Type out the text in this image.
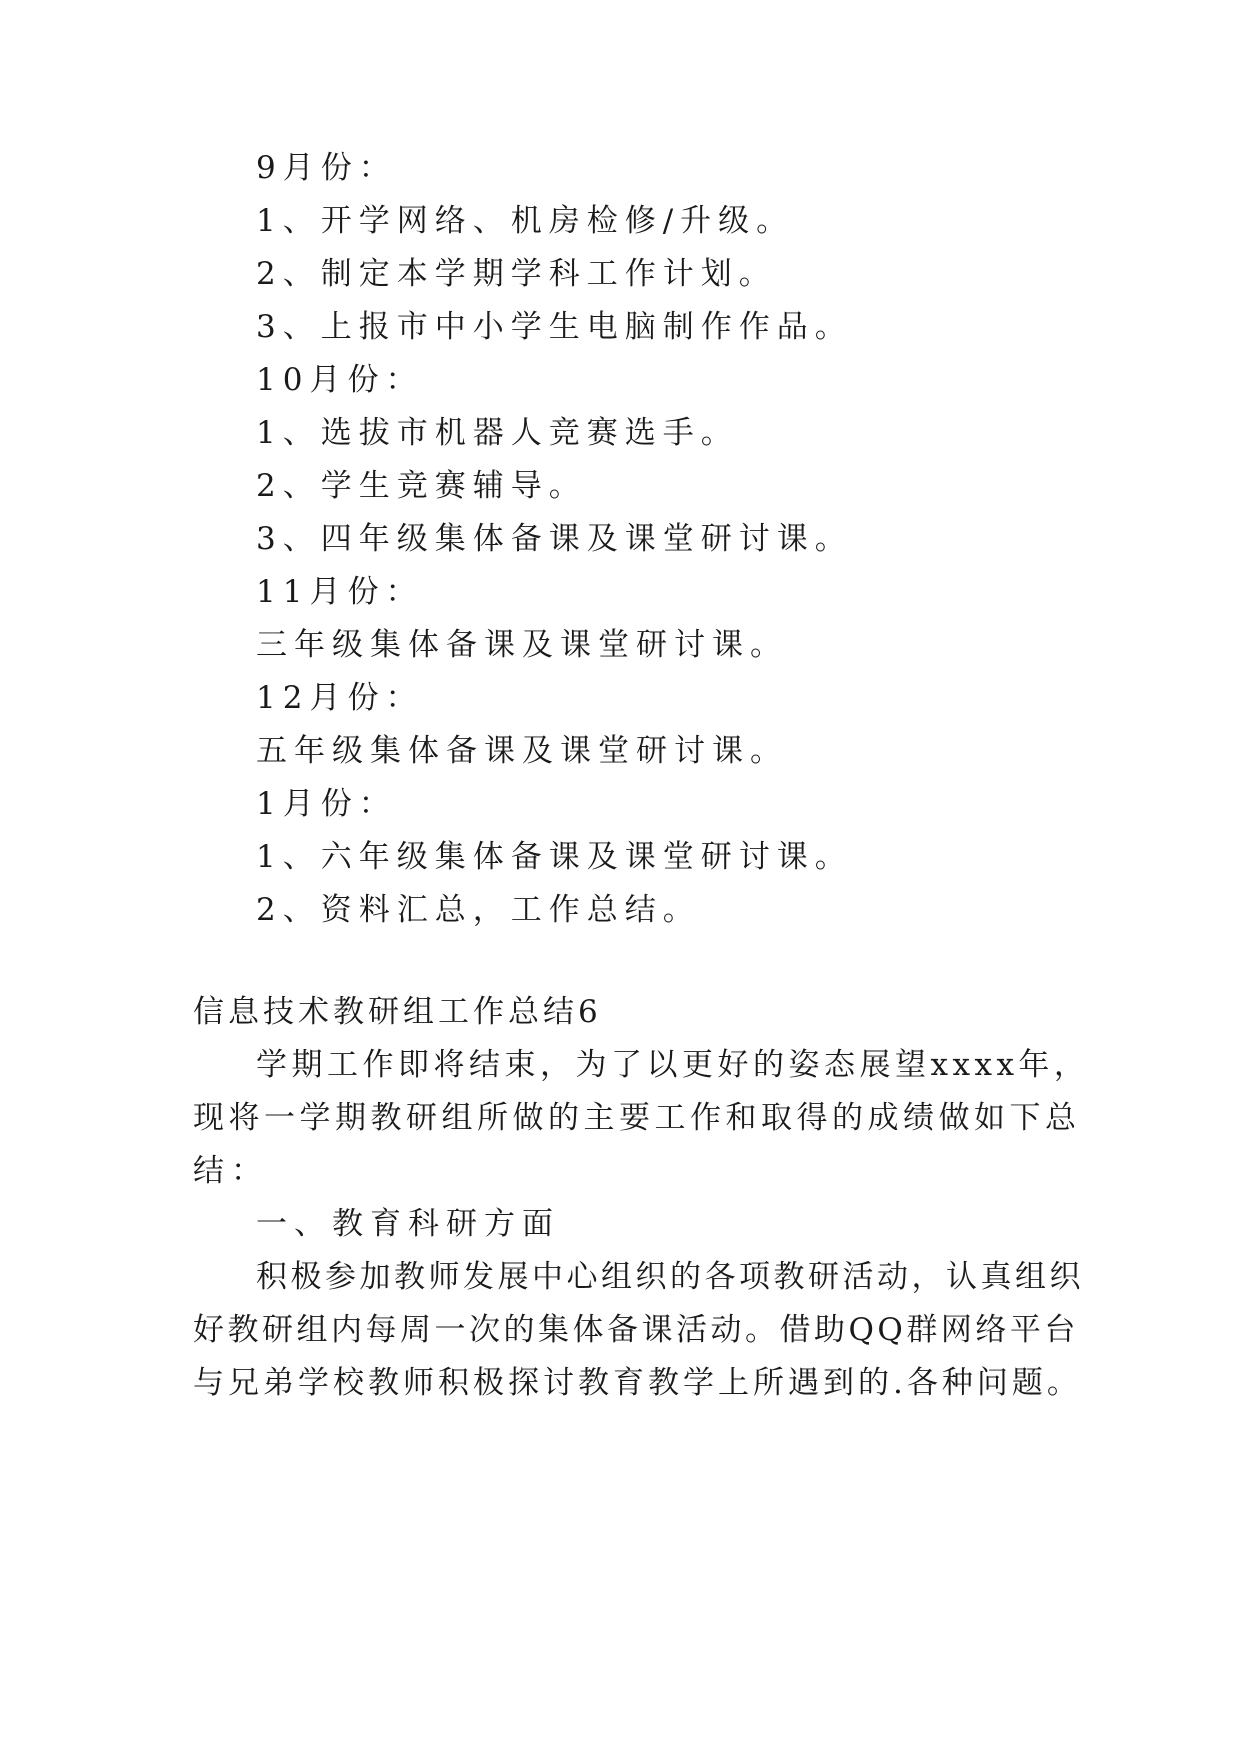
9月份：
1、开学网络、机房检修/升级。
2、制定本学期学科工作计划。
3、上报市中小学生电脑制作作品。
10月份：
1、选拔市机器人竞赛选手。
2、学生竞赛辅导。
3、四年级集体备课及课堂研讨课。
11月份：
三年级集体备课及课堂研讨课。
12月份：
五年级集体备课及课堂研讨课。
1月份：
1、六年级集体备课及课堂研讨课。
2、资料汇总，工作总结。
信息技术教研组工作总结6
学期工作即将结束，为了以更好的姿态展望xxxx年，
现将一学期教研组所做的主要工作和取得的成绩做如下总
结：
一、教育科研方面
积极参加教师发展中心组织的各项教研活动，认真组织
好教研组内每周一次的集体备课活动。借助QQ群网络平台
与兄弟学校教师积极探讨教育教学上所遇到的.各种问题。
